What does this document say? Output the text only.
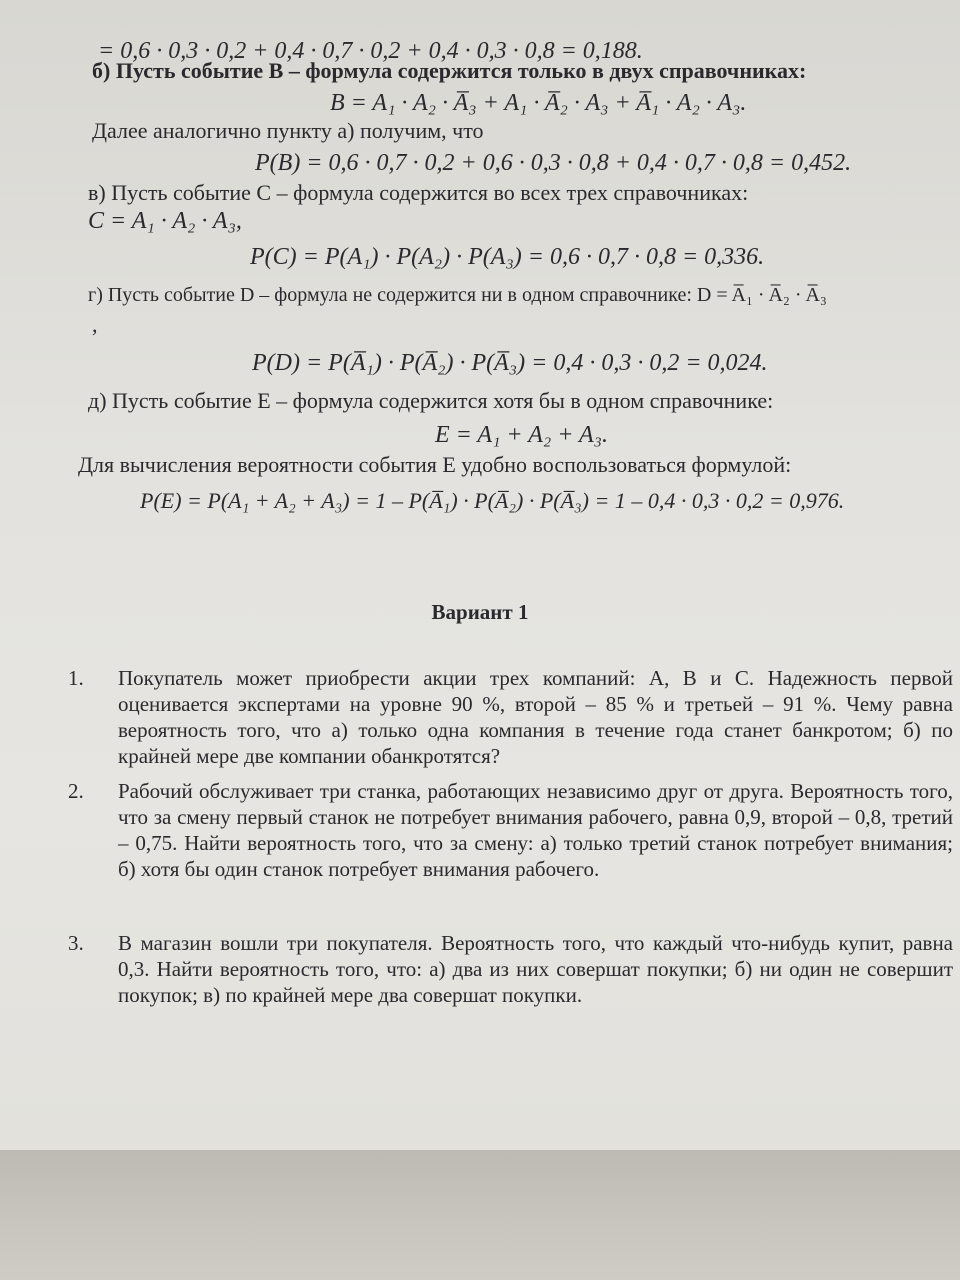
= 0,6 · 0,3 · 0,2 + 0,4 · 0,7 · 0,2 + 0,4 · 0,3 · 0,8 = 0,188.
б) Пусть событие B – формула содержится только в двух справочниках:
B = A₁ · A₂ · A̅₃ + A₁ · A̅₂ · A₃ + A̅₁ · A₂ · A₃.
Далее аналогично пункту а) получим, что
P(B) = 0,6 · 0,7 · 0,2 + 0,6 · 0,3 · 0,8 + 0,4 · 0,7 · 0,8 = 0,452.
в) Пусть событие C – формула содержится во всех трех справочниках:
C = A₁ · A₂ · A₃,
P(C) = P(A₁) · P(A₂) · P(A₃) = 0,6 · 0,7 · 0,8 = 0,336.
г) Пусть событие D – формула не содержится ни в одном справочнике: D = A̅₁ · A̅₂ · A̅₃
,
P(D) = P(A̅₁) · P(A̅₂) · P(A̅₃) = 0,4 · 0,3 · 0,2 = 0,024.
д) Пусть событие E – формула содержится хотя бы в одном справочнике:
E = A₁ + A₂ + A₃.
Для вычисления вероятности события E удобно воспользоваться формулой:
P(E) = P(A₁ + A₂ + A₃) = 1 – P(A̅₁) · P(A̅₂) · P(A̅₃) = 1 – 0,4 · 0,3 · 0,2 = 0,976.
Вариант 1
1. Покупатель может приобрести акции трех компаний: A, B и C. Надежность первой оценивается экспертами на уровне 90 %, второй – 85 % и третьей – 91 %. Чему равна вероятность того, что а) только одна компания в течение года станет банкротом; б) по крайней мере две компании обанкротятся?
2. Рабочий обслуживает три станка, работающих независимо друг от друга. Вероятность того, что за смену первый станок не потребует внимания рабочего, равна 0,9, второй – 0,8, третий – 0,75. Найти вероятность того, что за смену: а) только третий станок потребует внимания; б) хотя бы один станок потребует внимания рабочего.
3. В магазин вошли три покупателя. Вероятность того, что каждый что-нибудь купит, равна 0,3. Найти вероятность того, что: а) два из них совершат покупки; б) ни один не совершит покупок; в) по крайней мере два совершат покупки.
